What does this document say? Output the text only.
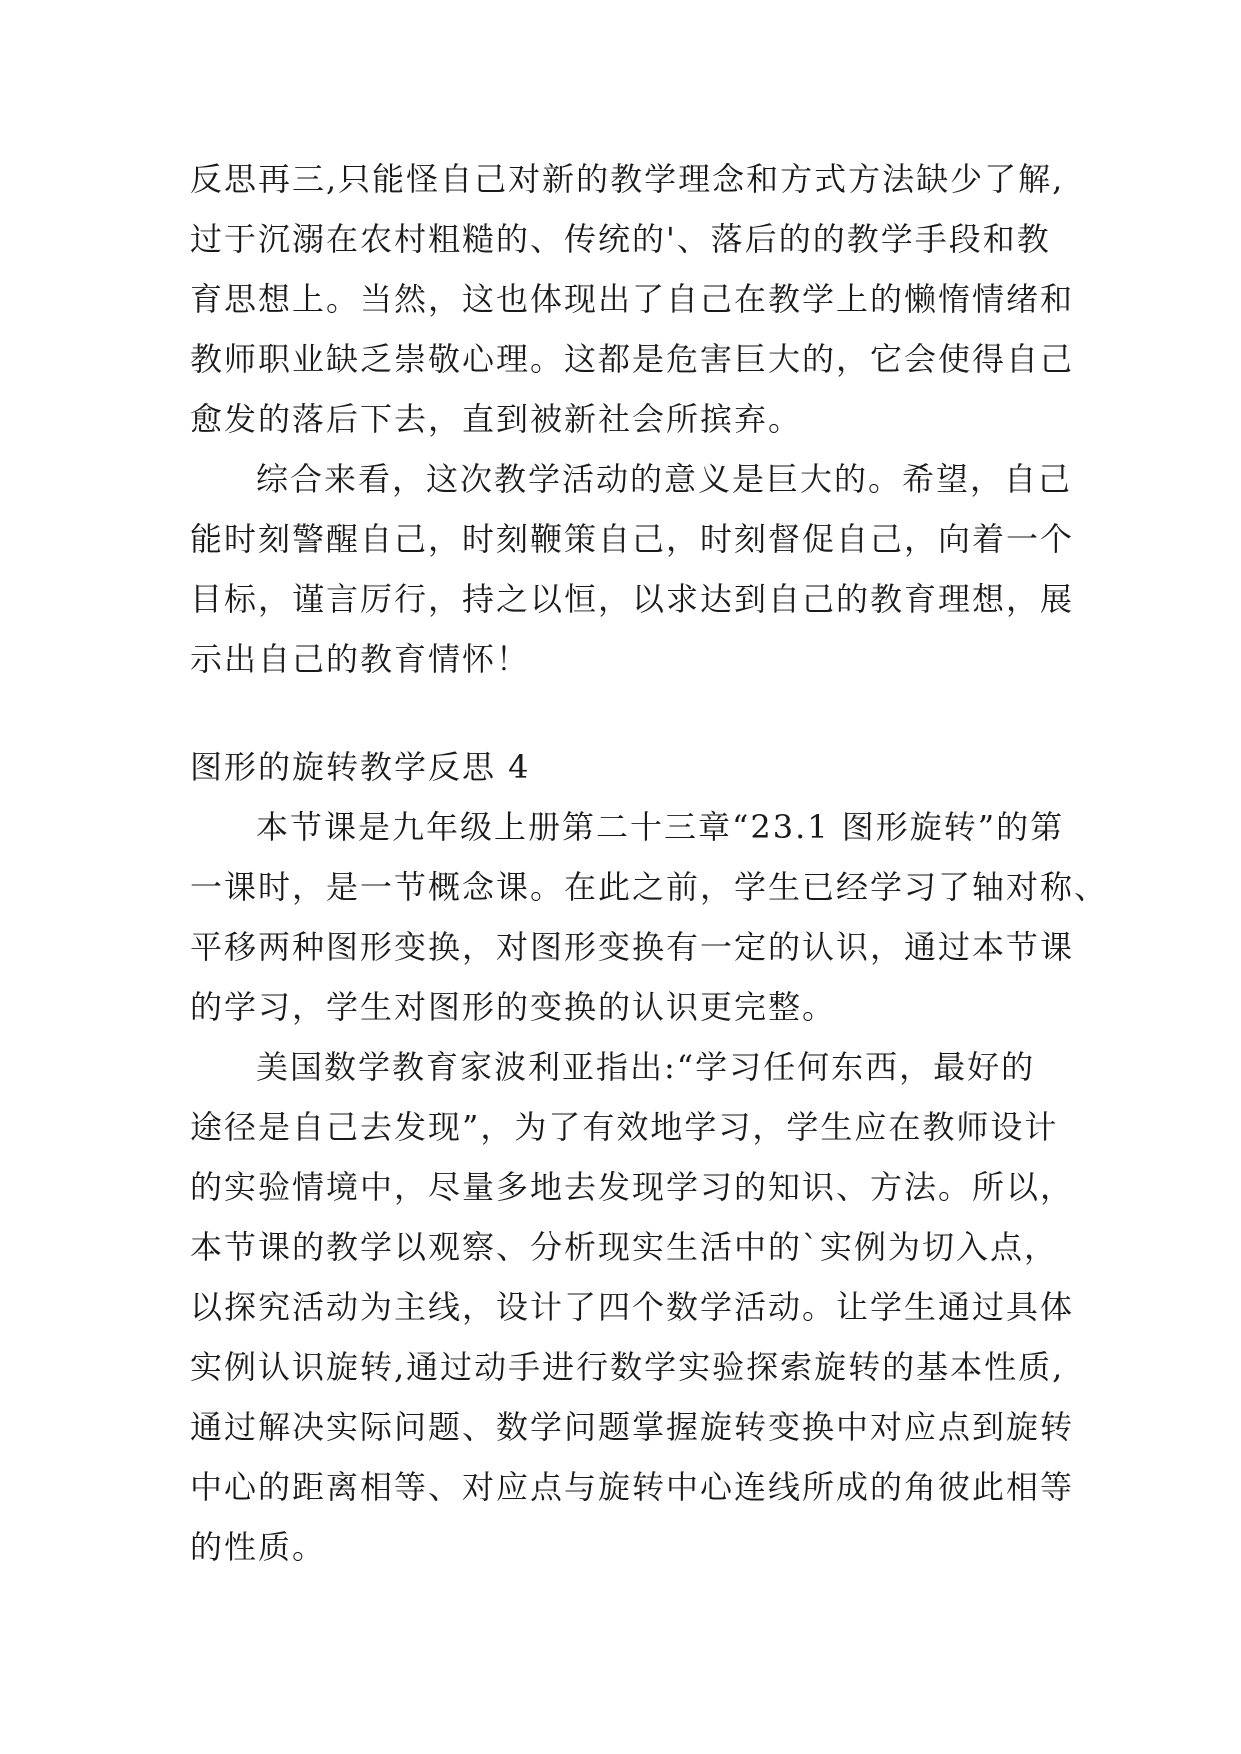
反思再三,只能怪自己对新的教学理念和方式方法缺少了解,
过于沉溺在农村粗糙的、传统的'、落后的的教学手段和教
育思想上。当然，这也体现出了自己在教学上的懒惰情绪和
教师职业缺乏崇敬心理。这都是危害巨大的，它会使得自己
愈发的落后下去，直到被新社会所摈弃。
综合来看，这次教学活动的意义是巨大的。希望，自己
能时刻警醒自己，时刻鞭策自己，时刻督促自己，向着一个
目标，谨言厉行，持之以恒，以求达到自己的教育理想，展
示出自己的教育情怀！
图形的旋转教学反思 4
本节课是九年级上册第二十三章“23.1 图形旋转”的第
一课时，是一节概念课。在此之前，学生已经学习了轴对称、
平移两种图形变换，对图形变换有一定的认识，通过本节课
的学习，学生对图形的变换的认识更完整。
美国数学教育家波利亚指出:“学习任何东西，最好的
途径是自己去发现”，为了有效地学习，学生应在教师设计
的实验情境中，尽量多地去发现学习的知识、方法。所以，
本节课的教学以观察、分析现实生活中的`实例为切入点，
以探究活动为主线，设计了四个数学活动。让学生通过具体
实例认识旋转,通过动手进行数学实验探索旋转的基本性质,
通过解决实际问题、数学问题掌握旋转变换中对应点到旋转
中心的距离相等、对应点与旋转中心连线所成的角彼此相等
的性质。
